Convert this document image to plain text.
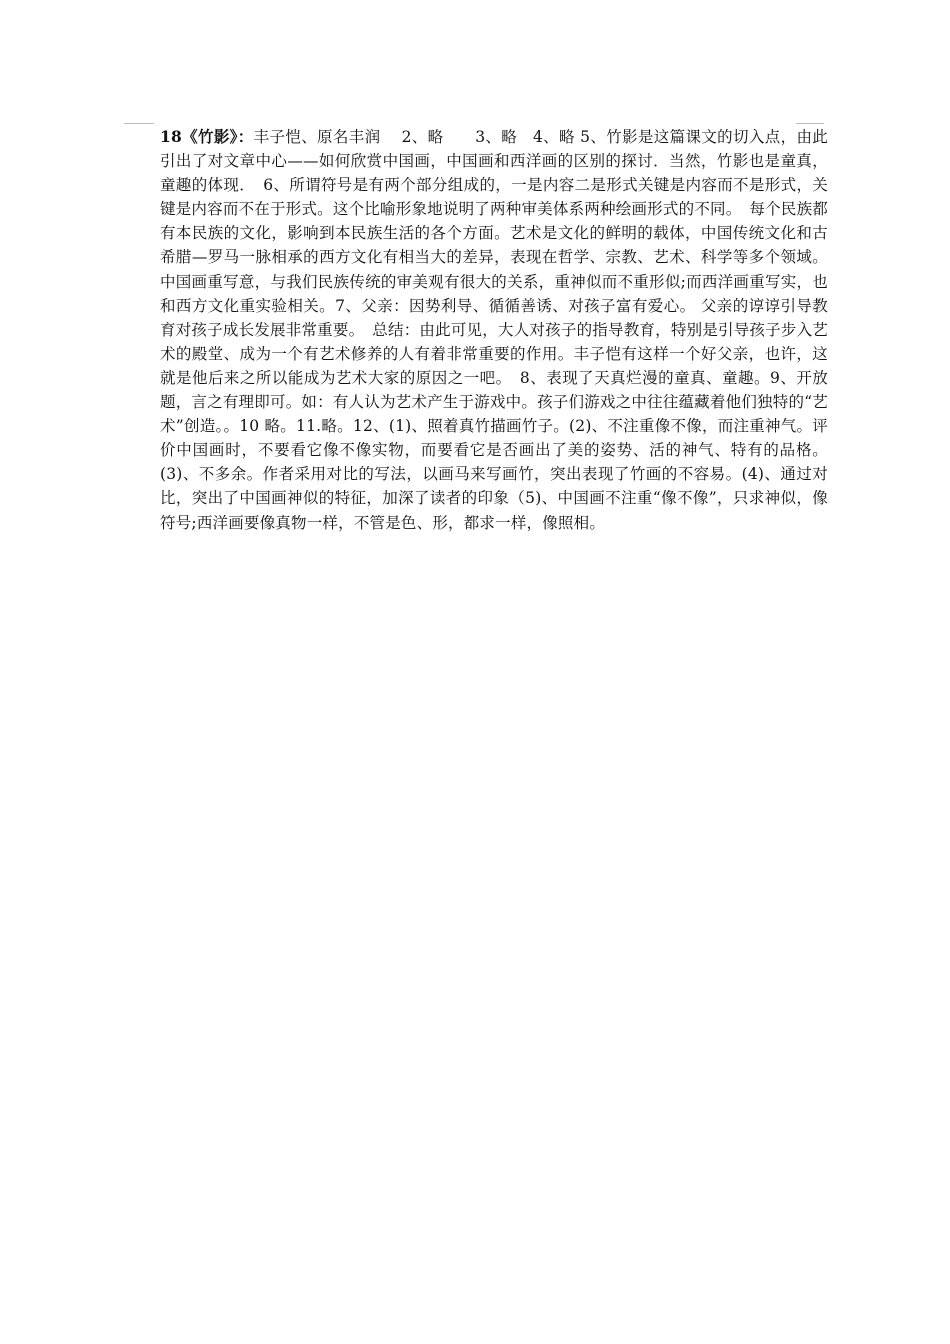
18《竹影》：丰子恺、原名丰润　 2、略　　3、略　4、略 5、竹影是这篇课文的切入点，由此引出了对文章中心——如何欣赏中国画，中国画和西洋画的区别的探讨．当然，竹影也是童真，童趣的体现．　6、所谓符号是有两个部分组成的，一是内容二是形式关键是内容而不是形式，关键是内容而不在于形式。这个比喻形象地说明了两种审美体系两种绘画形式的不同。　每个民族都有本民族的文化，影响到本民族生活的各个方面。艺术是文化的鲜明的载体，中国传统文化和古希腊—罗马一脉相承的西方文化有相当大的差异，表现在哲学、宗教、艺术、科学等多个领域。中国画重写意，与我们民族传统的审美观有很大的关系，重神似而不重形似;而西洋画重写实，也和西方文化重实验相关。7、父亲：因势利导、循循善诱、对孩子富有爱心。 父亲的谆谆引导教育对孩子成长发展非常重要。　总结：由此可见，大人对孩子的指导教育，特别是引导孩子步入艺术的殿堂、成为一个有艺术修养的人有着非常重要的作用。丰子恺有这样一个好父亲，也许，这就是他后来之所以能成为艺术大家的原因之一吧。　8、表现了天真烂漫的童真、童趣。9、开放题，言之有理即可。如：有人认为艺术产生于游戏中。孩子们游戏之中往往蕴藏着他们独特的“艺术”创造。。10 略。11.略。12、(1)、照着真竹描画竹子。(2)、不注重像不像，而注重神气。评价中国画时，不要看它像不像实物，而要看它是否画出了美的姿势、活的神气、特有的品格。(3)、不多余。作者采用对比的写法，以画马来写画竹，突出表现了竹画的不容易。(4)、通过对比，突出了中国画神似的特征，加深了读者的印象（5)、中国画不注重“像不像”，只求神似，像符号;西洋画要像真物一样，不管是色、形，都求一样，像照相。
